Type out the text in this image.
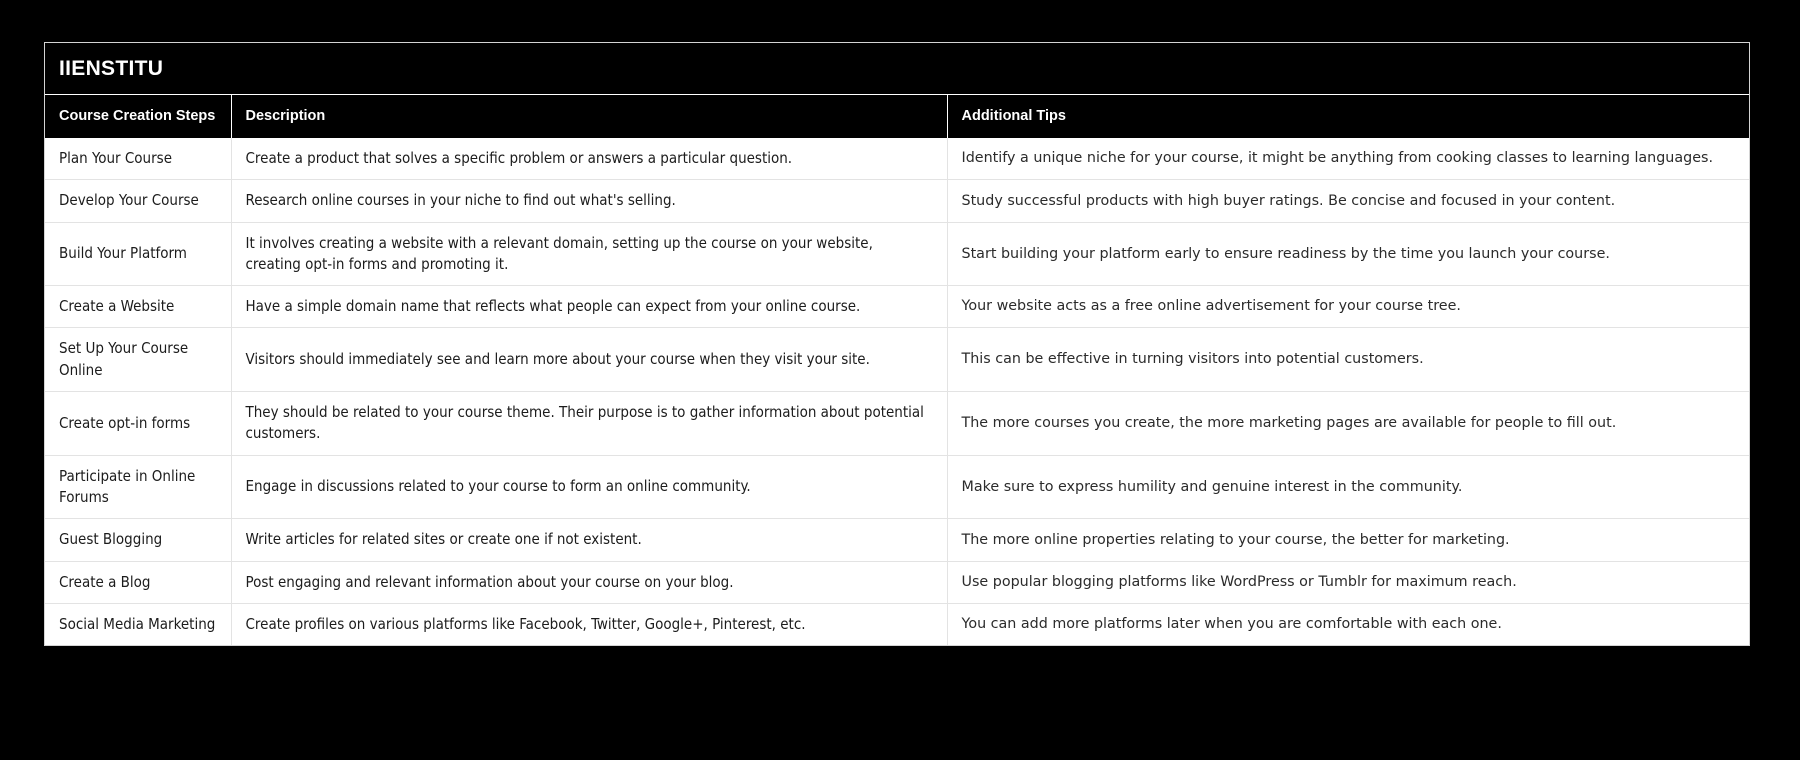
IIENSTITU
Course Creation Steps	Description	Additional Tips
Plan Your Course	Create a product that solves a specific problem or answers a particular question.	Identify a unique niche for your course, it might be anything from cooking classes to learning languages.
Develop Your Course	Research online courses in your niche to find out what's selling.	Study successful products with high buyer ratings. Be concise and focused in your content.
Build Your Platform	It involves creating a website with a relevant domain, setting up the course on your website, creating opt-in forms and promoting it.	Start building your platform early to ensure readiness by the time you launch your course.
Create a Website	Have a simple domain name that reflects what people can expect from your online course.	Your website acts as a free online advertisement for your course tree.
Set Up Your Course Online	Visitors should immediately see and learn more about your course when they visit your site.	This can be effective in turning visitors into potential customers.
Create opt-in forms	They should be related to your course theme. Their purpose is to gather information about potential customers.	The more courses you create, the more marketing pages are available for people to fill out.
Participate in Online Forums	Engage in discussions related to your course to form an online community.	Make sure to express humility and genuine interest in the community.
Guest Blogging	Write articles for related sites or create one if not existent.	The more online properties relating to your course, the better for marketing.
Create a Blog	Post engaging and relevant information about your course on your blog.	Use popular blogging platforms like WordPress or Tumblr for maximum reach.
Social Media Marketing	Create profiles on various platforms like Facebook, Twitter, Google+, Pinterest, etc.	You can add more platforms later when you are comfortable with each one.
